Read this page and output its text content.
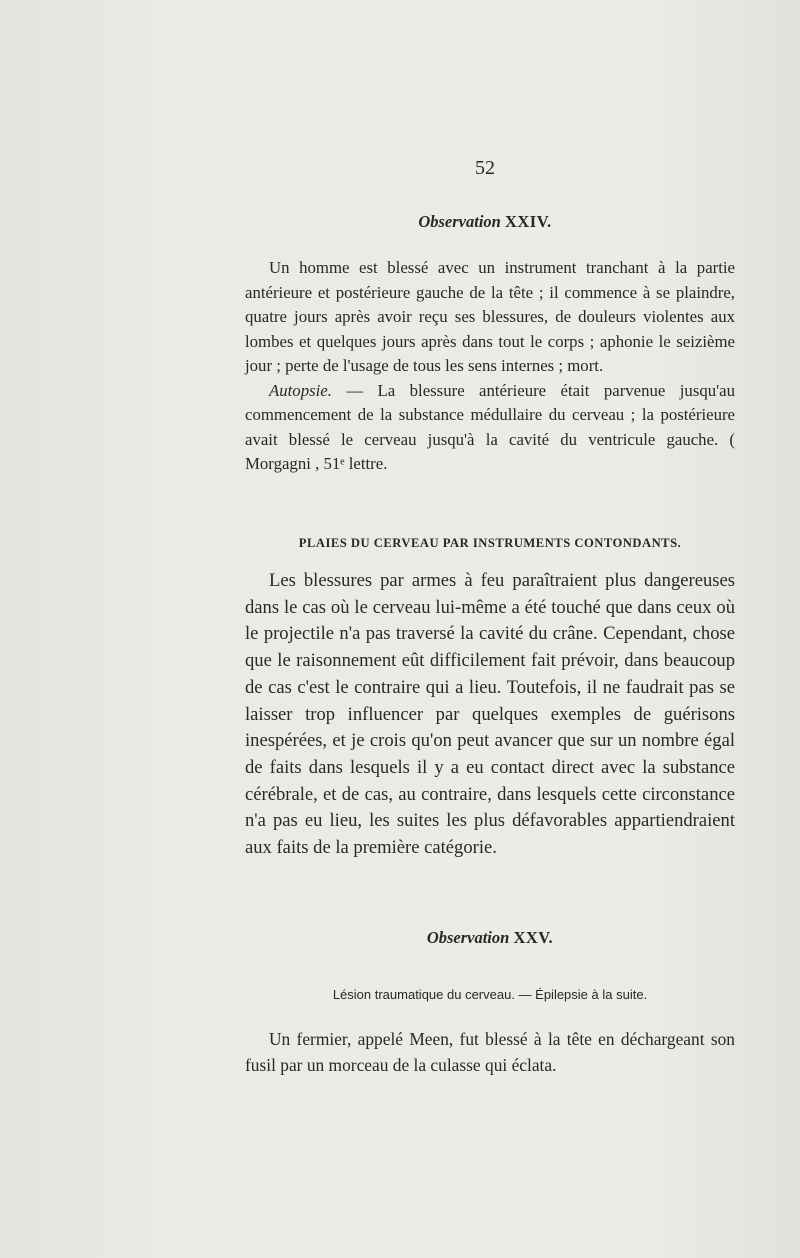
52
Observation XXIV.

Un homme est blessé avec un instrument tranchant à la partie antérieure et postérieure gauche de la tête ; il commence à se plaindre, quatre jours après avoir reçu ses blessures, de douleurs violentes aux lombes et quelques jours après dans tout le corps ; aphonie le seizième jour ; perte de l'usage de tous les sens internes ; mort.

Autopsie. — La blessure antérieure était parvenue jusqu'au commencement de la substance médullaire du cerveau ; la postérieure avait blessé le cerveau jusqu'à la cavité du ventricule gauche. ( Morgagni , 51ᵉ lettre.

PLAIES DU CERVEAU PAR INSTRUMENTS CONTONDANTS.

Les blessures par armes à feu paraîtraient plus dangereuses dans le cas où le cerveau lui-même a été touché que dans ceux où le projectile n'a pas traversé la cavité du crâne. Cependant, chose que le raisonnement eût difficilement fait prévoir, dans beaucoup de cas c'est le contraire qui a lieu. Toutefois, il ne faudrait pas se laisser trop influencer par quelques exemples de guérisons inespérées, et je crois qu'on peut avancer que sur un nombre égal de faits dans lesquels il y a eu contact direct avec la substance cérébrale, et de cas, au contraire, dans lesquels cette circonstance n'a pas eu lieu, les suites les plus défavorables appartiendraient aux faits de la première catégorie.

Observation XXV.
Lésion traumatique du cerveau. — Épilepsie à la suite.

Un fermier, appelé Meen, fut blessé à la tête en déchargeant son fusil par un morceau de la culasse qui éclata.
